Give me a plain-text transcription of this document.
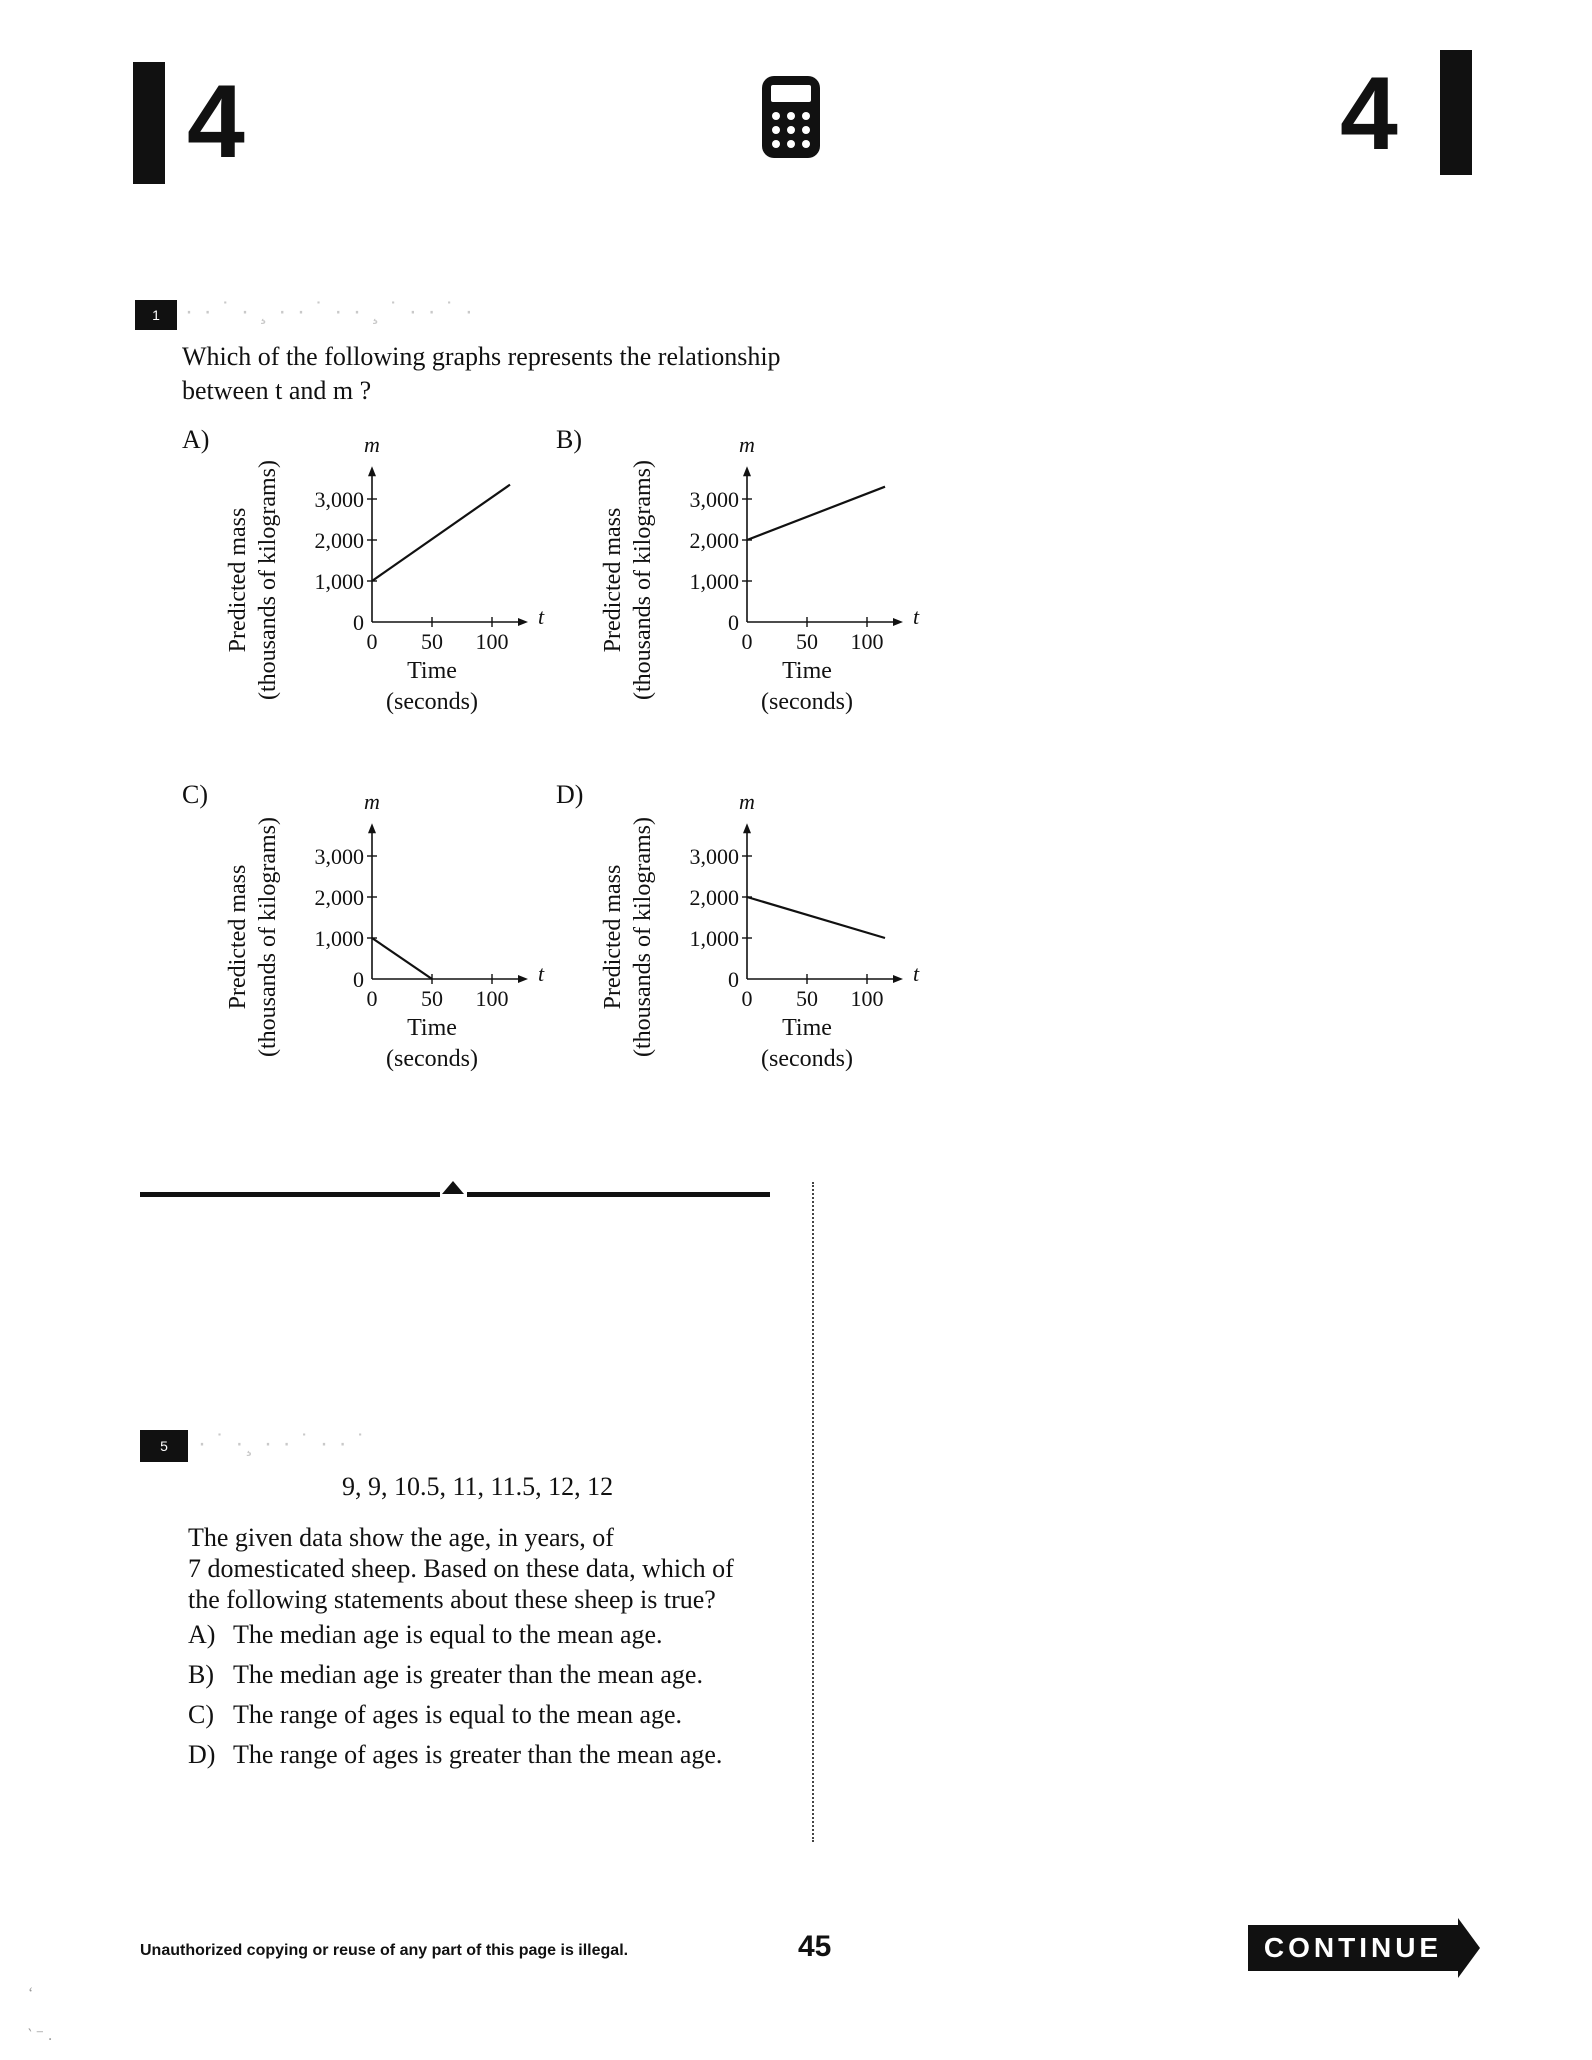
4	4
1	· · ˙ · ¸ · · ˙ · · ¸ ˙ · · ˙ ·
Which of the following graphs represents the relationship
between t and m ?
A)	B)
C)	D)
0
1,000
2,000
3,000
0 50 100
m
t
Time
(seconds)
Predicted mass (thousands of kilograms)	0
1,000
2,000
3,000
0 50 100
m
t
Time
(seconds)
Predicted mass (thousands of kilograms)
0
1,000
2,000
3,000
0 50 100
m
t
Time
(seconds)
Predicted mass (thousands of kilograms)	0
1,000
2,000
3,000
0 50 100
m
t
Time
(seconds)
Predicted mass (thousands of kilograms)
5	· ˙ ·¸ · · ˙ · · ˙
9, 9, 10.5, 11, 11.5, 12, 12
The given data show the age, in years, of
7 domesticated sheep. Based on these data, which of
the following statements about these sheep is true?
A) The median age is equal to the mean age.
B) The median age is greater than the mean age.
C) The range of ages is equal to the mean age.
D) The range of ages is greater than the mean age.
Unauthorized copying or reuse of any part of this page is illegal.	45	CONTINUE
ʻ
‵ ⁻ .
